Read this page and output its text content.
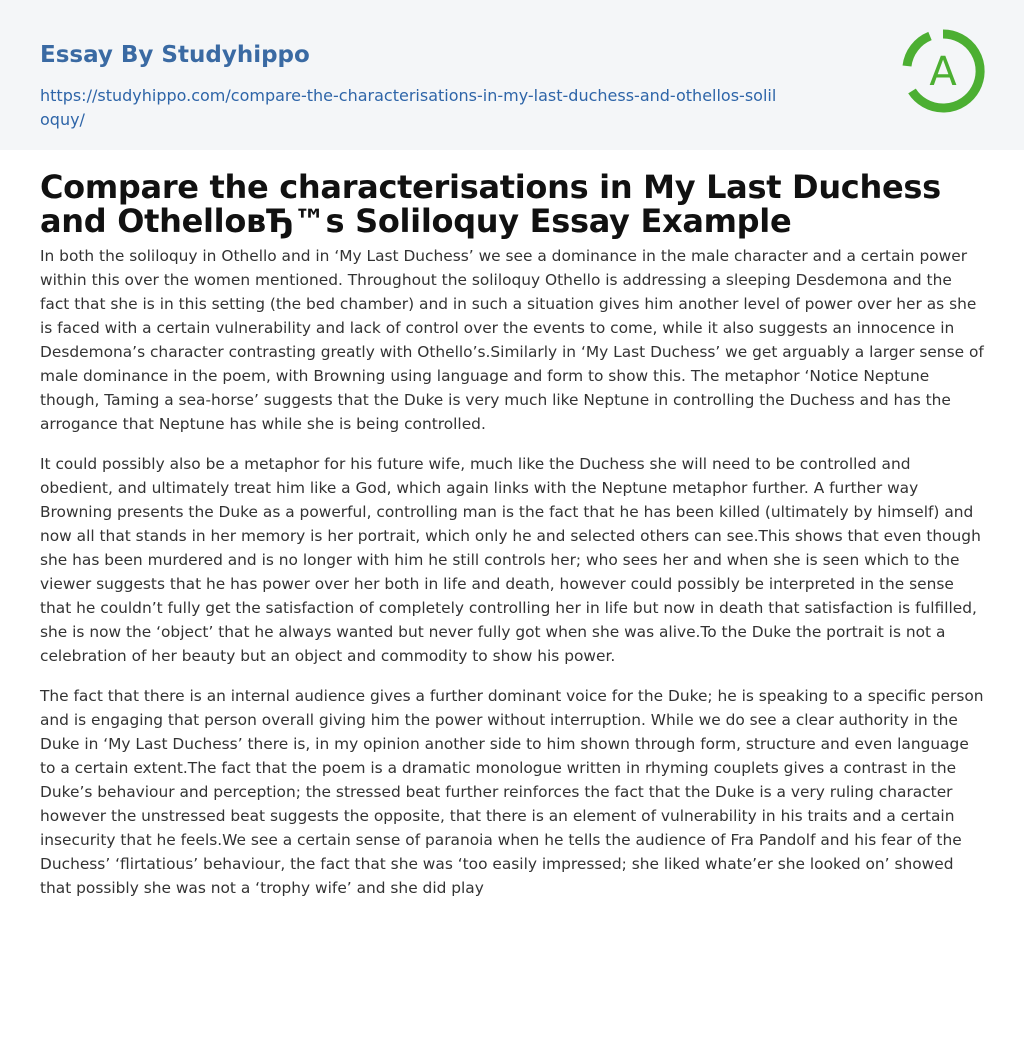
Essay By Studyhippo
https://studyhippo.com/compare-the-characterisations-in-my-last-duchess-and-othellos-soliloquy/
A
Compare the characterisations in My Last Duchess and OthelloвЂ™s Soliloquy Essay Example

In both the soliloquy in Othello and in ‘My Last Duchess’ we see a dominance in the male character and a certain power within this over the women mentioned. Throughout the soliloquy Othello is addressing a sleeping Desdemona and the fact that she is in this setting (the bed chamber) and in such a situation gives him another level of power over her as she is faced with a certain vulnerability and lack of control over the events to come, while it also suggests an innocence in Desdemona’s character contrasting greatly with Othello’s.Similarly in ‘My Last Duchess’ we get arguably a larger sense of male dominance in the poem, with Browning using language and form to show this. The metaphor ‘Notice Neptune though, Taming a sea-horse’ suggests that the Duke is very much like Neptune in controlling the Duchess and has the arrogance that Neptune has while she is being controlled.

It could possibly also be a metaphor for his future wife, much like the Duchess she will need to be controlled and obedient, and ultimately treat him like a God, which again links with the Neptune metaphor further. A further way Browning presents the Duke as a powerful, controlling man is the fact that he has been killed (ultimately by himself) and now all that stands in her memory is her portrait, which only he and selected others can see.This shows that even though she has been murdered and is no longer with him he still controls her; who sees her and when she is seen which to the viewer suggests that he has power over her both in life and death, however could possibly be interpreted in the sense that he couldn’t fully get the satisfaction of completely controlling her in life but now in death that satisfaction is fulfilled, she is now the ‘object’ that he always wanted but never fully got when she was alive.To the Duke the portrait is not a celebration of her beauty but an object and commodity to show his power.

The fact that there is an internal audience gives a further dominant voice for the Duke; he is speaking to a specific person and is engaging that person overall giving him the power without interruption. While we do see a clear authority in the Duke in ‘My Last Duchess’ there is, in my opinion another side to him shown through form, structure and even language to a certain extent.The fact that the poem is a dramatic monologue written in rhyming couplets gives a contrast in the Duke’s behaviour and perception; the stressed beat further reinforces the fact that the Duke is a very ruling character however the unstressed beat suggests the opposite, that there is an element of vulnerability in his traits and a certain insecurity that he feels.We see a certain sense of paranoia when he tells the audience of Fra Pandolf and his fear of the Duchess’ ‘flirtatious’ behaviour, the fact that she was ‘too easily impressed; she liked whate’er she looked on’ showed that possibly she was not a ‘trophy wife’ and she did play
